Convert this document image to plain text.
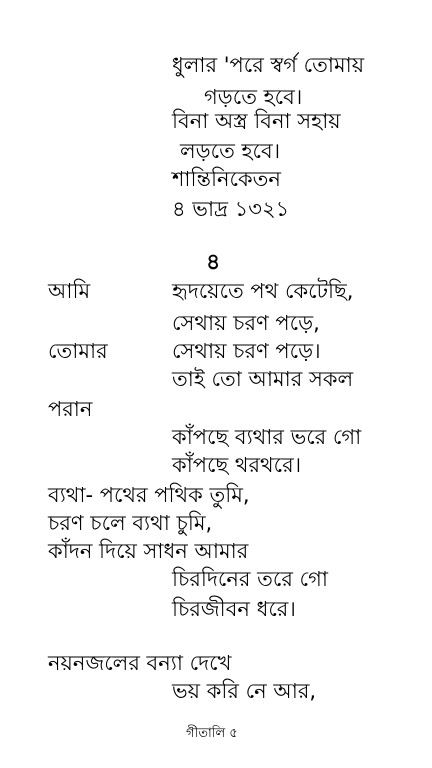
ধুলার 'পরে স্বর্গ তোমায়
গড়তে হবে।
বিনা অস্ত্র বিনা সহায়
লড়তে হবে।
শান্তিনিকেতন
৪ ভাদ্র ১৩২১
৪
আমি	হৃদয়েতে পথ কেটেছি,
সেথায় চরণ পড়ে,
তোমার	সেথায় চরণ পড়ে।
তাই তো আমার সকল
পরান
কাঁপছে ব্যথার ভরে গো
কাঁপছে থরথরে।
ব্যথা- পথের পথিক তুমি,
চরণ চলে ব্যথা চুমি,
কাঁদন দিয়ে সাধন আমার
চিরদিনের তরে গো
চিরজীবন ধরে।
নয়নজলের বন্যা দেখে
ভয় করি নে আর,
গীতালি ৫
